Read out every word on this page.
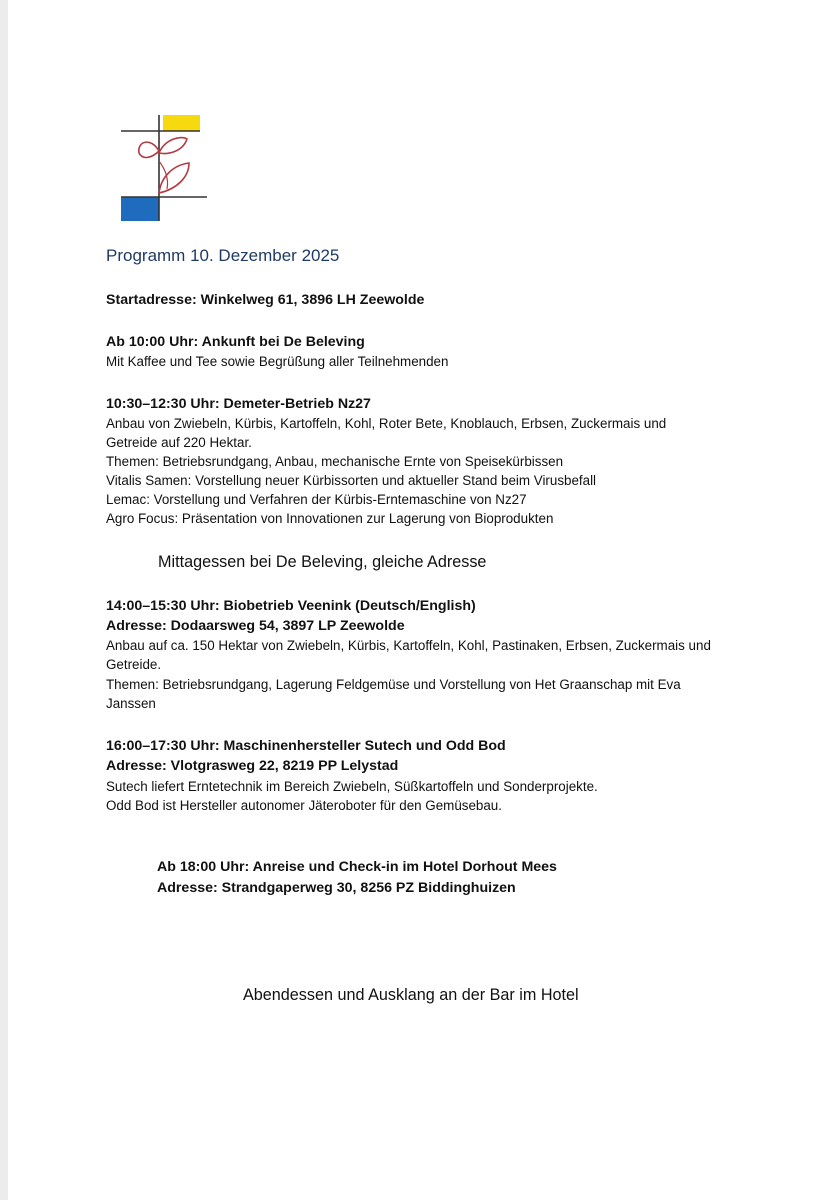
Programm 10. Dezember 2025
Startadresse: Winkelweg 61, 3896 LH Zeewolde
Ab 10:00 Uhr: Ankunft bei De Beleving
Mit Kaffee und Tee sowie Begrüßung aller Teilnehmenden
10:30–12:30 Uhr: Demeter-Betrieb Nz27
Anbau von Zwiebeln, Kürbis, Kartoffeln, Kohl, Roter Bete, Knoblauch, Erbsen, Zuckermais und
Getreide auf 220 Hektar.
Themen: Betriebsrundgang, Anbau, mechanische Ernte von Speisekürbissen
Vitalis Samen: Vorstellung neuer Kürbissorten und aktueller Stand beim Virusbefall
Lemac: Vorstellung und Verfahren der Kürbis-Erntemaschine von Nz27
Agro Focus: Präsentation von Innovationen zur Lagerung von Bioprodukten
Mittagessen bei De Beleving, gleiche Adresse
14:00–15:30 Uhr: Biobetrieb Veenink (Deutsch/English)
Adresse: Dodaarsweg 54, 3897 LP Zeewolde
Anbau auf ca. 150 Hektar von Zwiebeln, Kürbis, Kartoffeln, Kohl, Pastinaken, Erbsen, Zuckermais und
Getreide.
Themen: Betriebsrundgang, Lagerung Feldgemüse und Vorstellung von Het Graanschap mit Eva
Janssen
16:00–17:30 Uhr: Maschinenhersteller Sutech und Odd Bod
Adresse: Vlotgrasweg 22, 8219 PP Lelystad
Sutech liefert Erntetechnik im Bereich Zwiebeln, Süßkartoffeln und Sonderprojekte.
Odd Bod ist Hersteller autonomer Jäteroboter für den Gemüsebau.
Ab 18:00 Uhr: Anreise und Check-in im Hotel Dorhout Mees
Adresse: Strandgaperweg 30, 8256 PZ Biddinghuizen
Abendessen und Ausklang an der Bar im Hotel
